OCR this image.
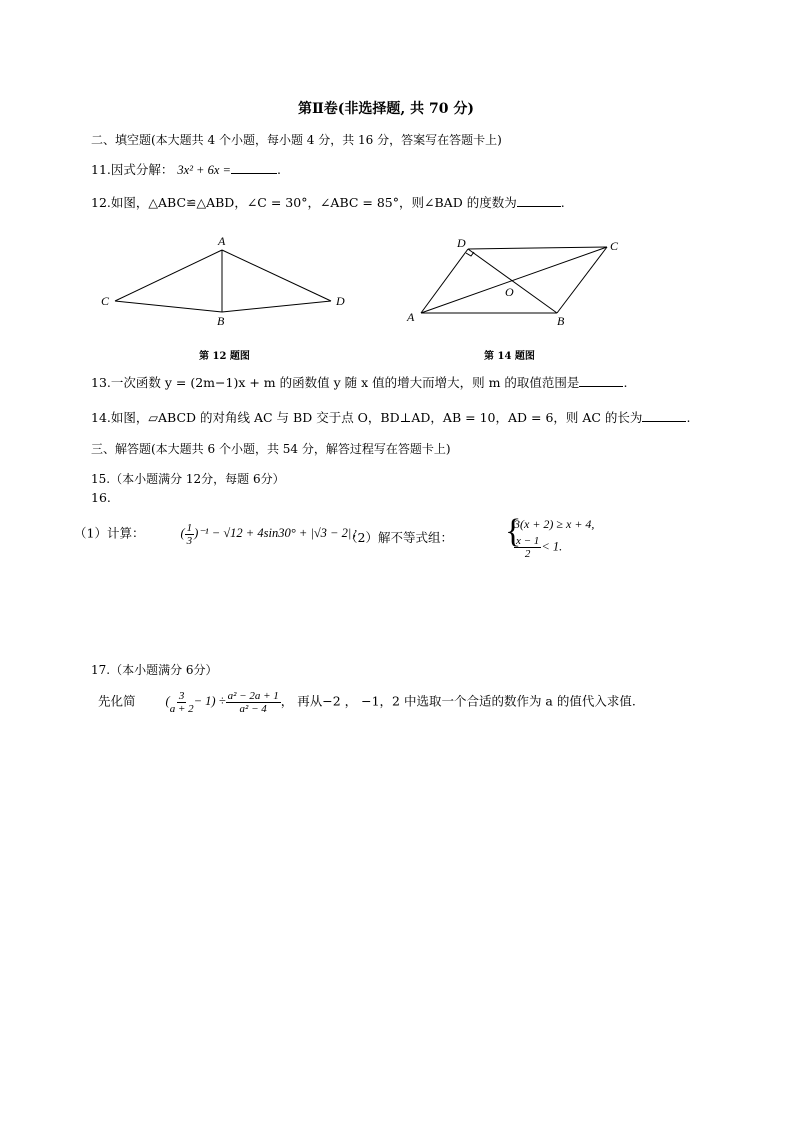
第Ⅱ卷(非选择题, 共 70 分)
二、填空题(本大题共 4 个小题，每小题 4 分，共 16 分，答案写在答题卡上)
11.因式分解： 3x² + 6x =	.
12.如图，△ABC≌△ABD，∠C = 30°，∠ABC = 85°，则∠BAD 的度数为	.
A
B
C	D
第 12 题图
A	B
C
D
O
第 14 题图
13.一次函数 y = (2m−1)x + m 的函数值 y 随 x 值的增大而增大，则 m 的取值范围是	.
14.如图，▱ABCD 的对角线 AC 与 BD 交于点 O，BD⊥AD，AB = 10，AD = 6，则 AC 的长为	.
三、解答题(本大题共 6 个小题，共 54 分，解答过程写在答题卡上)
15.（本小题满分 12分，每题 6分）
16.
（1）计算：	( $\frac{1}{3} )^{-1} - √12 + 4\sin 30^\circ + |√3 - 2|$；
（2）解不等式组： {
3(x + 2) ≥ x + 4,
$\frac{x - 1}{2} < 1$.
17.（本小题满分 6分）
先化简 ( $\frac{3}{a + 2} - 1) \div \frac{\text{a² − 2a + 1}}{\text{a² − 4}}$ ， 再从−2 ， −1，2 中选取一个合适的数作为 a 的值代入求值.
